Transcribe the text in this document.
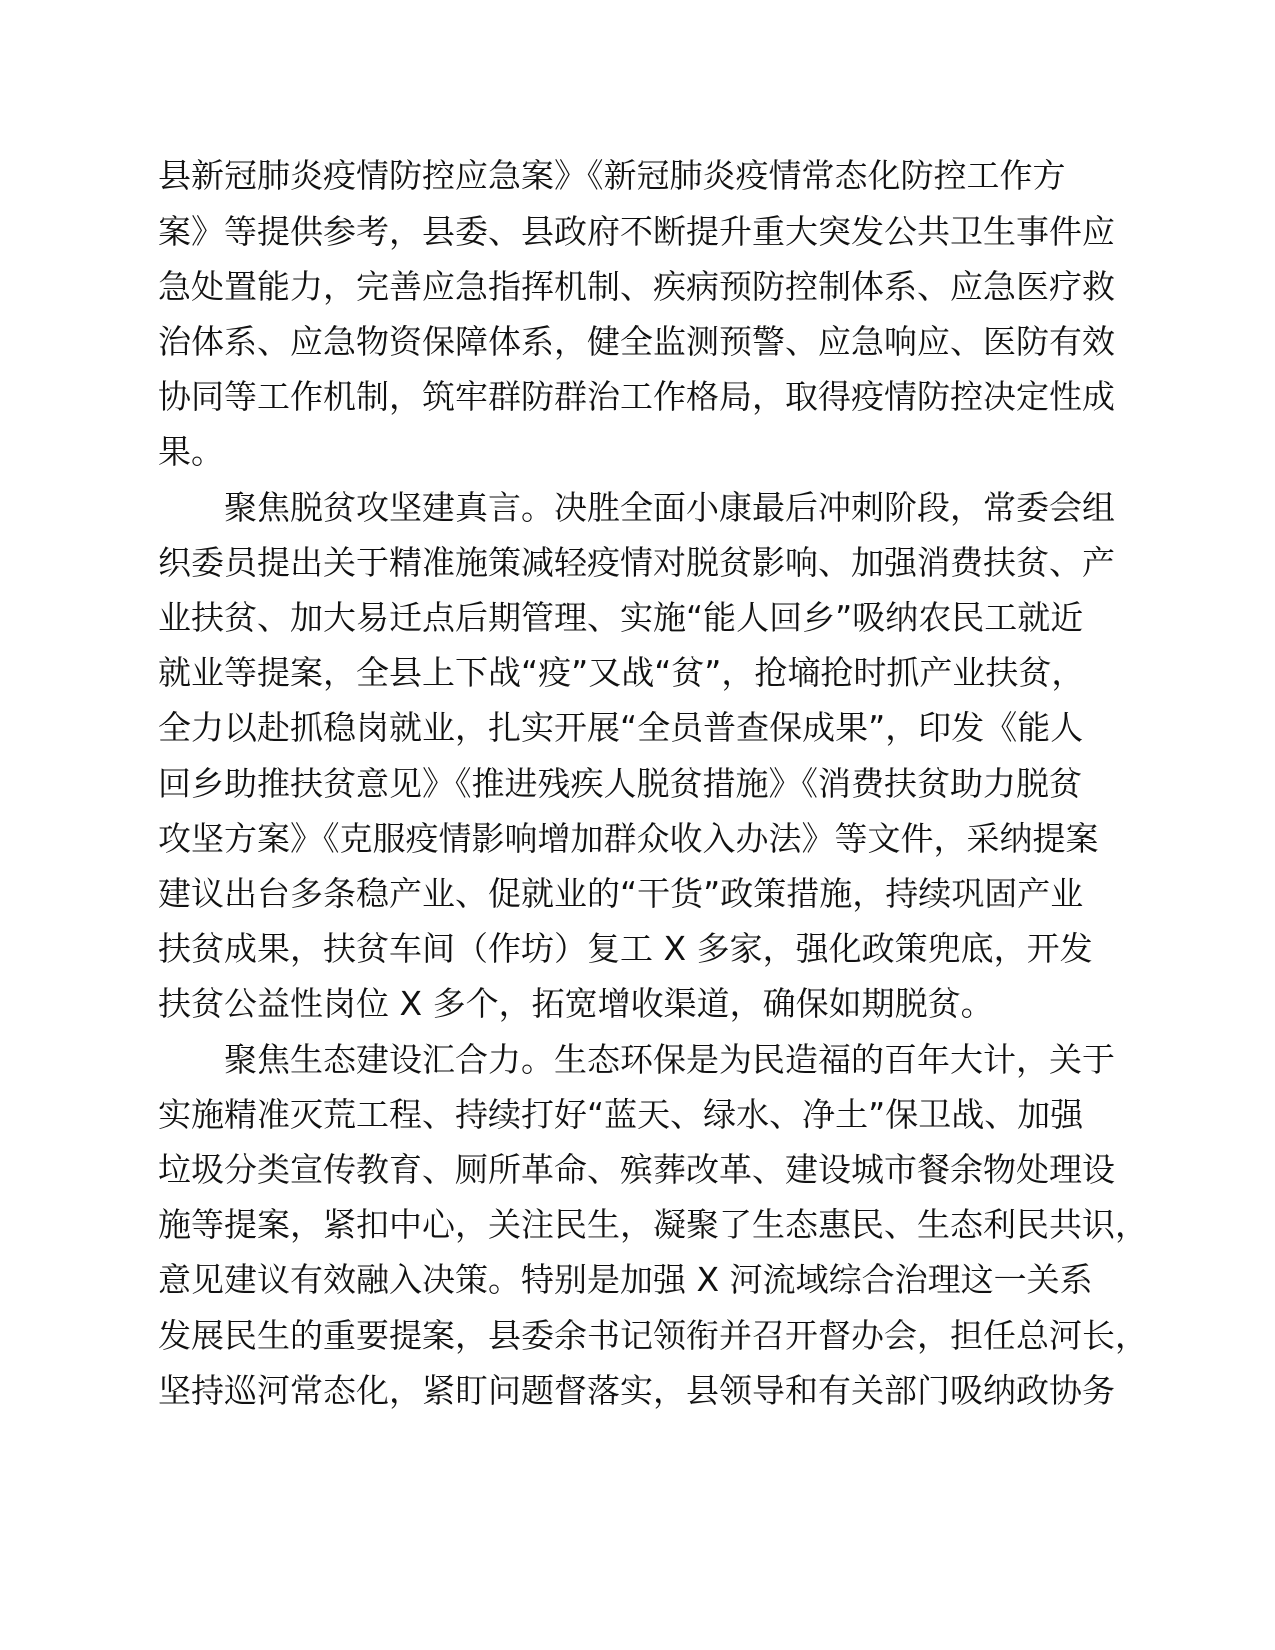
县新冠肺炎疫情防控应急案》《新冠肺炎疫情常态化防控工作方
案》等提供参考，县委、县政府不断提升重大突发公共卫生事件应
急处置能力，完善应急指挥机制、疾病预防控制体系、应急医疗救
治体系、应急物资保障体系，健全监测预警、应急响应、医防有效
协同等工作机制，筑牢群防群治工作格局，取得疫情防控决定性成
果。
聚焦脱贫攻坚建真言。决胜全面小康最后冲刺阶段，常委会组
织委员提出关于精准施策减轻疫情对脱贫影响、加强消费扶贫、产
业扶贫、加大易迁点后期管理、实施“能人回乡”吸纳农民工就近
就业等提案，全县上下战“疫”又战“贫”，抢墒抢时抓产业扶贫，
全力以赴抓稳岗就业，扎实开展“全员普查保成果”，印发《能人
回乡助推扶贫意见》《推进残疾人脱贫措施》《消费扶贫助力脱贫
攻坚方案》《克服疫情影响增加群众收入办法》等文件，采纳提案
建议出台多条稳产业、促就业的“干货”政策措施，持续巩固产业
扶贫成果，扶贫车间（作坊）复工 X 多家，强化政策兜底，开发
扶贫公益性岗位 X 多个，拓宽增收渠道，确保如期脱贫。
聚焦生态建设汇合力。生态环保是为民造福的百年大计，关于
实施精准灭荒工程、持续打好“蓝天、绿水、净土”保卫战、加强
垃圾分类宣传教育、厕所革命、殡葬改革、建设城市餐余物处理设
施等提案，紧扣中心，关注民生，凝聚了生态惠民、生态利民共识，
意见建议有效融入决策。特别是加强 X 河流域综合治理这一关系
发展民生的重要提案，县委余书记领衔并召开督办会，担任总河长，
坚持巡河常态化，紧盯问题督落实，县领导和有关部门吸纳政协务
